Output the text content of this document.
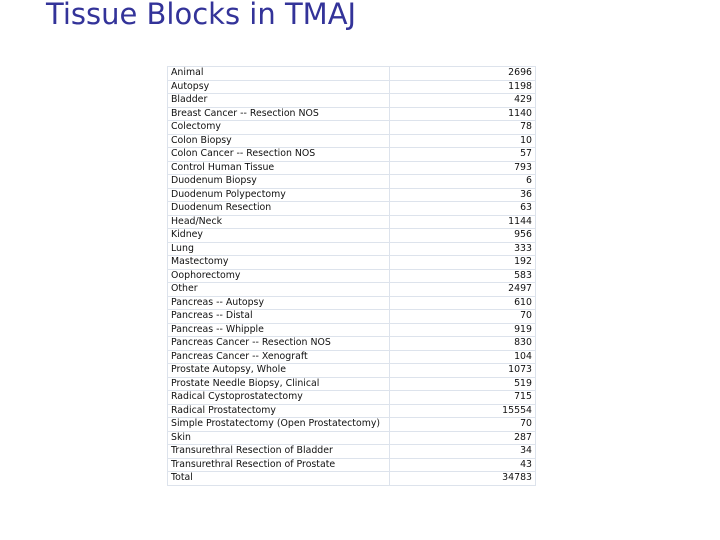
Tissue Blocks in TMAJ
Animal	2696
Autopsy	1198
Bladder	429
Breast Cancer -- Resection NOS	1140
Colectomy	78
Colon Biopsy	10
Colon Cancer -- Resection NOS	57
Control Human Tissue	793
Duodenum Biopsy	6
Duodenum Polypectomy	36
Duodenum Resection	63
Head/Neck	1144
Kidney	956
Lung	333
Mastectomy	192
Oophorectomy	583
Other	2497
Pancreas -- Autopsy	610
Pancreas -- Distal	70
Pancreas -- Whipple	919
Pancreas Cancer -- Resection NOS	830
Pancreas Cancer -- Xenograft	104
Prostate Autopsy, Whole	1073
Prostate Needle Biopsy, Clinical	519
Radical Cystoprostatectomy	715
Radical Prostatectomy	15554
Simple Prostatectomy (Open Prostatectomy)	70
Skin	287
Transurethral Resection of Bladder	34
Transurethral Resection of Prostate	43
Total	34783
